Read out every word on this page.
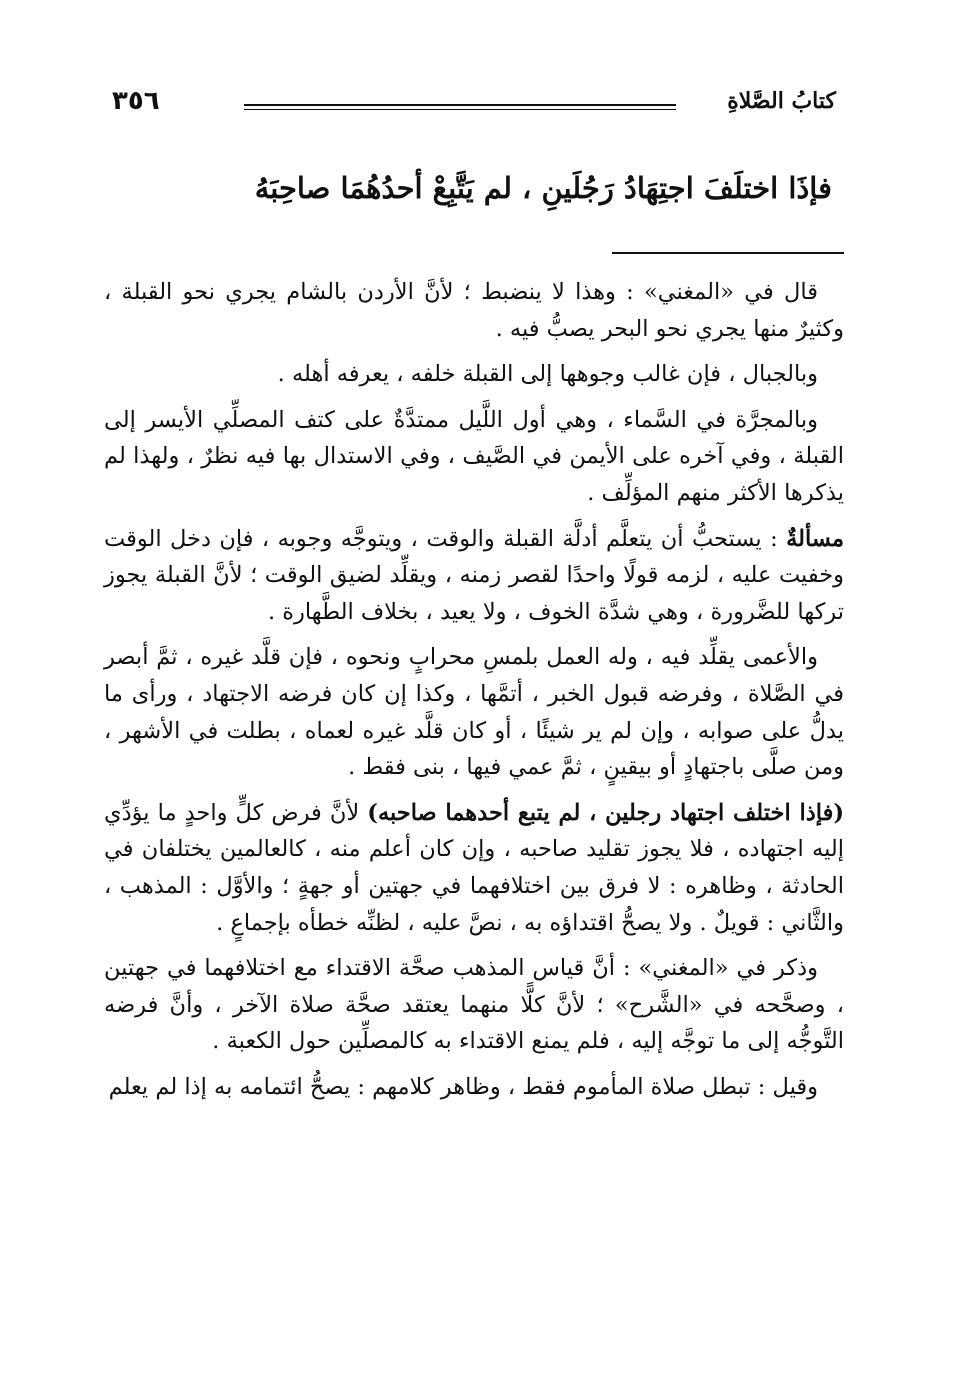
٣٥٦	كتابُ الصَّلاةِ
فإذَا اختلَفَ اجتِهَادُ رَجُلَينِ ، لم يَتَّبِعْ أحدُهُمَا صاحِبَهُ

قال في «المغني» : وهذا لا ينضبط ؛ لأنَّ الأردن بالشام يجري نحو القبلة ، وكثيرٌ منها يجري نحو البحر يصبُّ فيه .

وبالجبال ، فإن غالب وجوهها إلى القبلة خلفه ، يعرفه أهله .

وبالمجرَّة في السَّماء ، وهي أول اللَّيل ممتدَّةٌ على كتف المصلِّي الأيسر إلى القبلة ، وفي آخره على الأيمن في الصَّيف ، وفي الاستدال بها فيه نظرٌ ، ولهذا لم يذكرها الأكثر منهم المؤلِّف .

مسألةٌ : يستحبُّ أن يتعلَّم أدلَّة القبلة والوقت ، ويتوجَّه وجوبه ، فإن دخل الوقت وخفيت عليه ، لزمه قولًا واحدًا لقصر زمنه ، ويقلِّد لضيق الوقت ؛ لأنَّ القبلة يجوز تركها للضَّرورة ، وهي شدَّة الخوف ، ولا يعيد ، بخلاف الطَّهارة .

والأعمى يقلِّد فيه ، وله العمل بلمسِ محرابٍ ونحوه ، فإن قلَّد غيره ، ثمَّ أبصر في الصَّلاة ، وفرضه قبول الخبر ، أتمَّها ، وكذا إن كان فرضه الاجتهاد ، ورأى ما يدلُّ على صوابه ، وإن لم ير شيئًا ، أو كان قلَّد غيره لعماه ، بطلت في الأشهر ، ومن صلَّى باجتهادٍ أو بيقينٍ ، ثمَّ عمي فيها ، بنى فقط .

(فإذا اختلف اجتهاد رجلين ، لم يتبع أحدهما صاحبه) لأنَّ فرض كلٍّ واحدٍ ما يؤدِّي إليه اجتهاده ، فلا يجوز تقليد صاحبه ، وإن كان أعلم منه ، كالعالمين يختلفان في الحادثة ، وظاهره : لا فرق بين اختلافهما في جهتين أو جهةٍ ؛ والأوَّل : المذهب ، والثَّاني : قويلٌ . ولا يصحُّ اقتداؤه به ، نصَّ عليه ، لظنِّه خطأه بإجماعٍ .

وذكر في «المغني» : أنَّ قياس المذهب صحَّة الاقتداء مع اختلافهما في جهتين ، وصحَّحه في «الشَّرح» ؛ لأنَّ كلًّا منهما يعتقد صحَّة صلاة الآخر ، وأنَّ فرضه التَّوجُّه إلى ما توجَّه إليه ، فلم يمنع الاقتداء به كالمصلِّين حول الكعبة .

وقيل : تبطل صلاة المأموم فقط ، وظاهر كلامهم : يصحُّ ائتمامه به إذا لم يعلم
